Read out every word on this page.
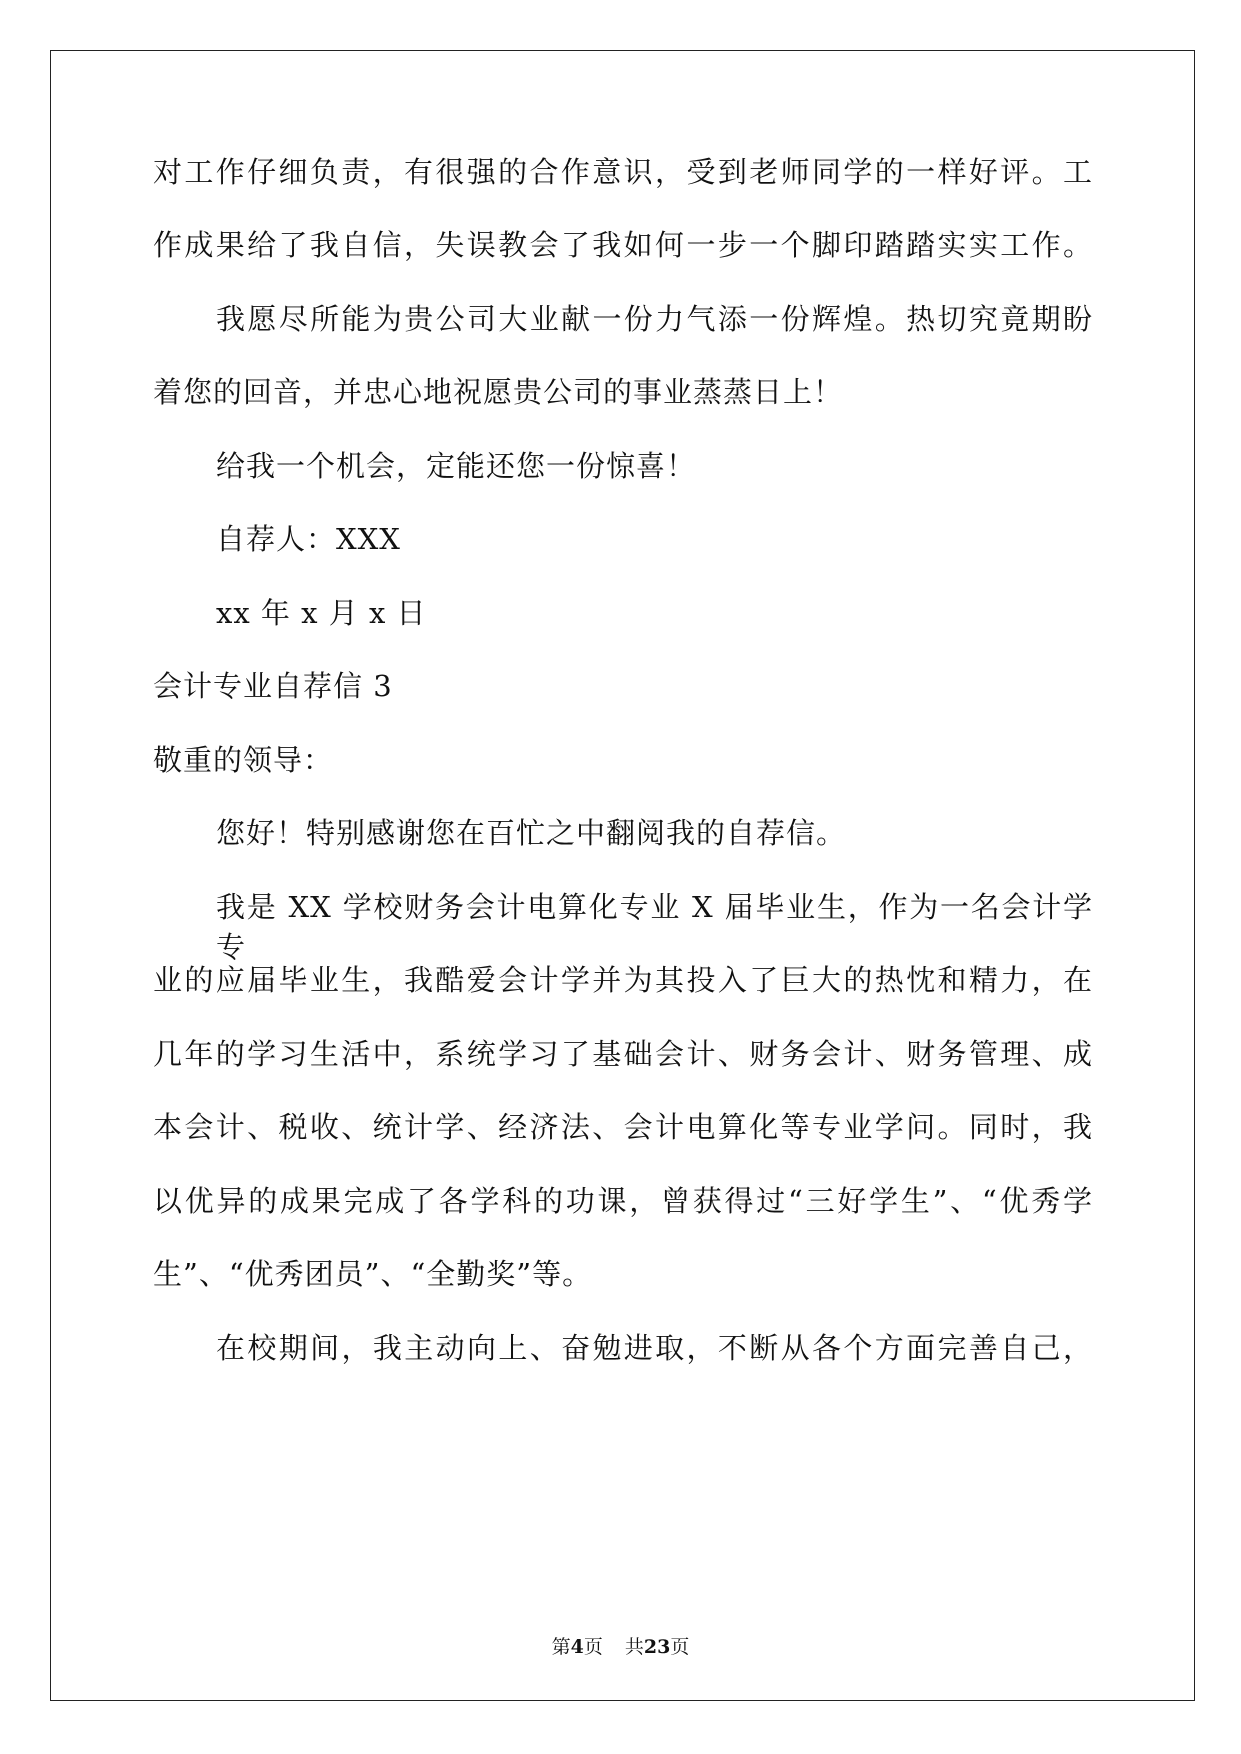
对工作仔细负责，有很强的合作意识，受到老师同学的一样好评。工
作成果给了我自信，失误教会了我如何一步一个脚印踏踏实实工作。
我愿尽所能为贵公司大业献一份力气添一份辉煌。热切究竟期盼
着您的回音，并忠心地祝愿贵公司的事业蒸蒸日上！
给我一个机会，定能还您一份惊喜！
自荐人：XXX
xx 年 x 月 x 日
会计专业自荐信 3
敬重的领导：
您好！特别感谢您在百忙之中翻阅我的自荐信。
我是 XX 学校财务会计电算化专业 X 届毕业生，作为一名会计学专
业的应届毕业生，我酷爱会计学并为其投入了巨大的热忱和精力，在
几年的学习生活中，系统学习了基础会计、财务会计、财务管理、成
本会计、税收、统计学、经济法、会计电算化等专业学问。同时，我
以优异的成果完成了各学科的功课，曾获得过“三好学生”、“优秀学
生”、“优秀团员”、“全勤奖”等。
在校期间，我主动向上、奋勉进取，不断从各个方面完善自己，
第4页 共23页
